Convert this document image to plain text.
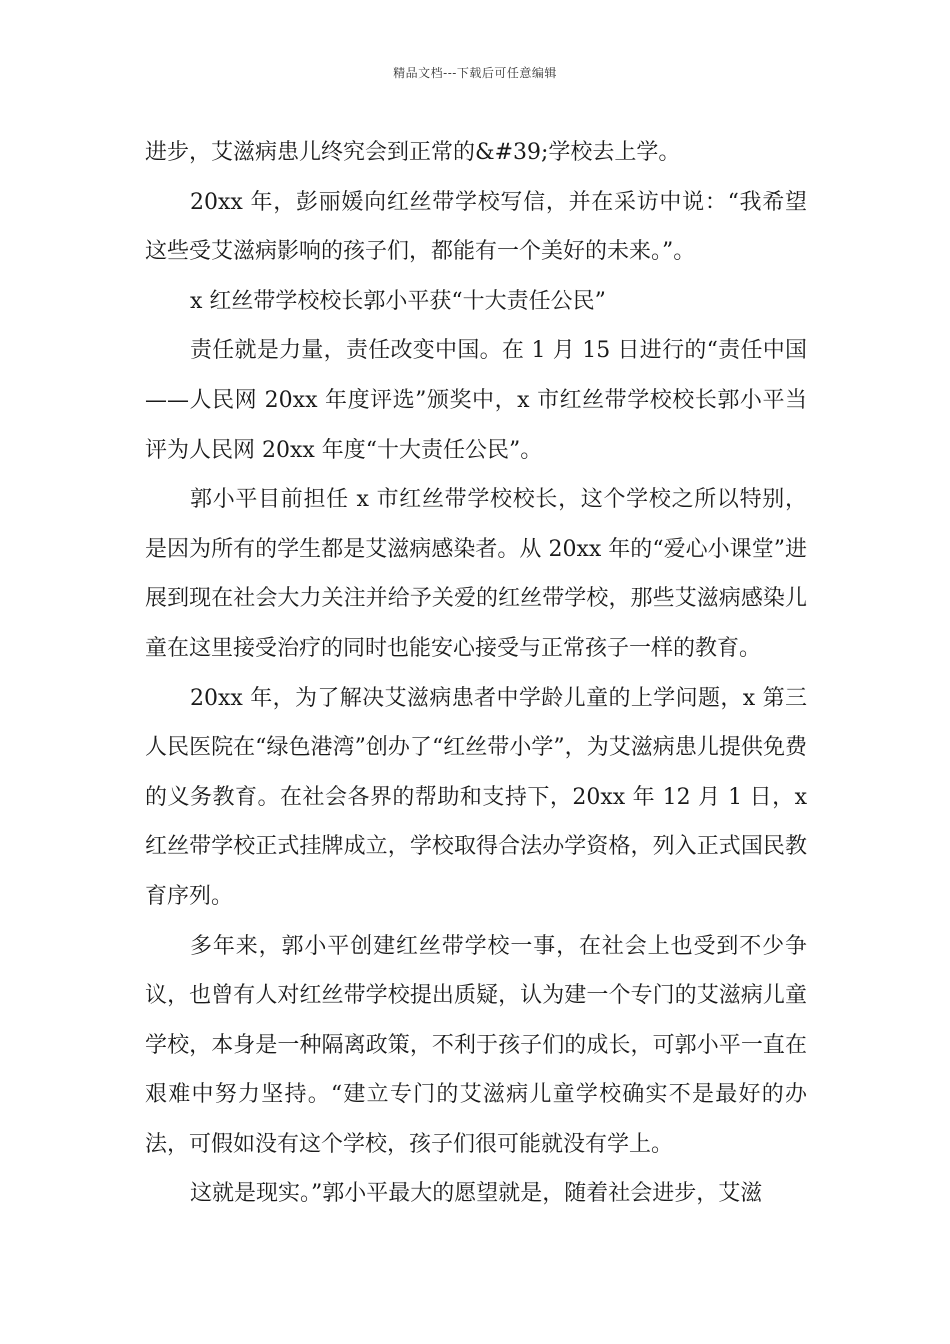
精品文档---下载后可任意编辑

进步，艾滋病患儿终究会到正常的&#39;学校去上学。

20xx 年，彭丽媛向红丝带学校写信，并在采访中说：“我希望这些受艾滋病影响的孩子们，都能有一个美好的未来。”。

x 红丝带学校校长郭小平获“十大责任公民”

责任就是力量，责任改变中国。在 1 月 15 日进行的“责任中国——人民网 20xx 年度评选”颁奖中，x 市红丝带学校校长郭小平当评为人民网 20xx 年度“十大责任公民”。

郭小平目前担任 x 市红丝带学校校长，这个学校之所以特别，是因为所有的学生都是艾滋病感染者。从 20xx 年的“爱心小课堂”进展到现在社会大力关注并给予关爱的红丝带学校，那些艾滋病感染儿童在这里接受治疗的同时也能安心接受与正常孩子一样的教育。

20xx 年，为了解决艾滋病患者中学龄儿童的上学问题，x 第三人民医院在“绿色港湾”创办了“红丝带小学”，为艾滋病患儿提供免费的义务教育。在社会各界的帮助和支持下，20xx 年 12 月 1 日，x 红丝带学校正式挂牌成立，学校取得合法办学资格，列入正式国民教育序列。

多年来，郭小平创建红丝带学校一事，在社会上也受到不少争议，也曾有人对红丝带学校提出质疑，认为建一个专门的艾滋病儿童学校，本身是一种隔离政策，不利于孩子们的成长，可郭小平一直在艰难中努力坚持。“建立专门的艾滋病儿童学校确实不是最好的办法，可假如没有这个学校，孩子们很可能就没有学上。

这就是现实。”郭小平最大的愿望就是，随着社会进步，艾滋
